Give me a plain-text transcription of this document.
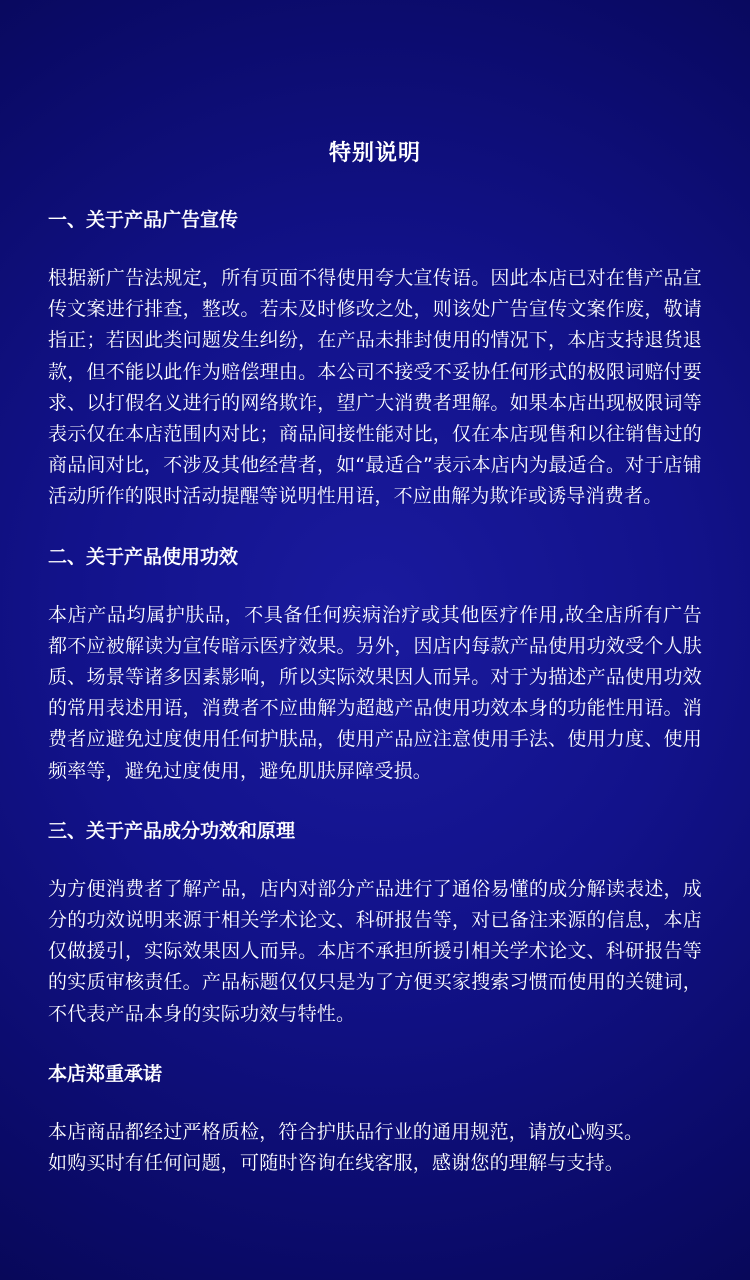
特别说明
一、关于产品广告宣传
根据新广告法规定，所有页面不得使用夸大宣传语。因此本店已对在售产品宣传文案进行排查，整改。若未及时修改之处，则该处广告宣传文案作废，敬请指正；若因此类问题发生纠纷，在产品未排封使用的情况下，本店支持退货退款，但不能以此作为赔偿理由。本公司不接受不妥协任何形式的极限词赔付要求、以打假名义进行的网络欺诈，望广大消费者理解。如果本店出现极限词等表示仅在本店范围内对比；商品间接性能对比，仅在本店现售和以往销售过的商品间对比，不涉及其他经营者，如“最适合”表示本店内为最适合。对于店铺活动所作的限时活动提醒等说明性用语，不应曲解为欺诈或诱导消费者。
二、关于产品使用功效
本店产品均属护肤品，不具备任何疾病治疗或其他医疗作用,故全店所有广告都不应被解读为宣传暗示医疗效果。另外，因店内每款产品使用功效受个人肤质、场景等诸多因素影响，所以实际效果因人而异。对于为描述产品使用功效的常用表述用语，消费者不应曲解为超越产品使用功效本身的功能性用语。消费者应避免过度使用任何护肤品，使用产品应注意使用手法、使用力度、使用频率等，避免过度使用，避免肌肤屏障受损。
三、关于产品成分功效和原理
为方便消费者了解产品，店内对部分产品进行了通俗易懂的成分解读表述，成分的功效说明来源于相关学术论文、科研报告等，对已备注来源的信息，本店仅做援引，实际效果因人而异。本店不承担所援引相关学术论文、科研报告等的实质审核责任。产品标题仅仅只是为了方便买家搜索习惯而使用的关键词，不代表产品本身的实际功效与特性。
本店郑重承诺

本店商品都经过严格质检，符合护肤品行业的通用规范，请放心购买。

如购买时有任何问题，可随时咨询在线客服，感谢您的理解与支持。
